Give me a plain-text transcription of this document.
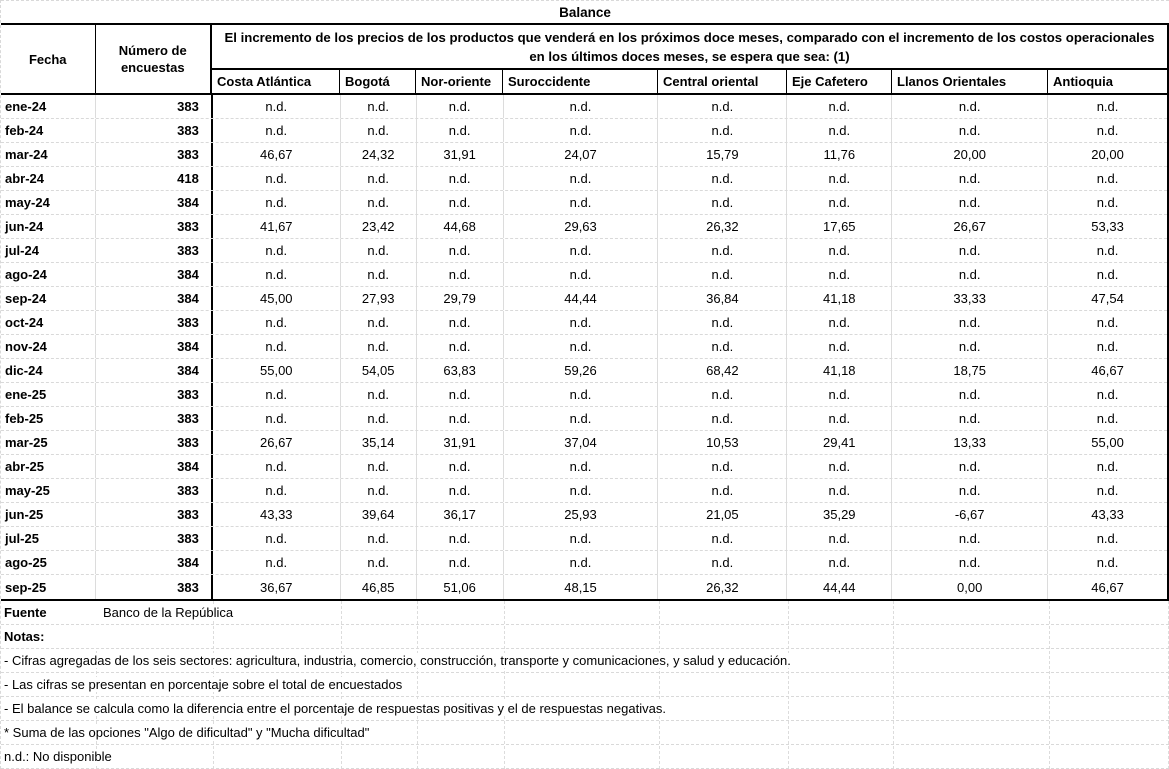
Balance
Fecha
Número de encuestas
El incremento de los precios de los productos que venderá en los próximos doce meses, comparado con el incremento de los costos operacionales en los últimos doces meses, se espera que sea: (1)
Costa Atlántica	Bogotá	Nor-oriente	Suroccidente	Central oriental	Eje Cafetero	Llanos Orientales	Antioquia
ene-24	383	n.d.	n.d.	n.d.	n.d.	n.d.	n.d.	n.d.	n.d.
feb-24	383	n.d.	n.d.	n.d.	n.d.	n.d.	n.d.	n.d.	n.d.
mar-24	383	46,67	24,32	31,91	24,07	15,79	11,76	20,00	20,00
abr-24	418	n.d.	n.d.	n.d.	n.d.	n.d.	n.d.	n.d.	n.d.
may-24	384	n.d.	n.d.	n.d.	n.d.	n.d.	n.d.	n.d.	n.d.
jun-24	383	41,67	23,42	44,68	29,63	26,32	17,65	26,67	53,33
jul-24	383	n.d.	n.d.	n.d.	n.d.	n.d.	n.d.	n.d.	n.d.
ago-24	384	n.d.	n.d.	n.d.	n.d.	n.d.	n.d.	n.d.	n.d.
sep-24	384	45,00	27,93	29,79	44,44	36,84	41,18	33,33	47,54
oct-24	383	n.d.	n.d.	n.d.	n.d.	n.d.	n.d.	n.d.	n.d.
nov-24	384	n.d.	n.d.	n.d.	n.d.	n.d.	n.d.	n.d.	n.d.
dic-24	384	55,00	54,05	63,83	59,26	68,42	41,18	18,75	46,67
ene-25	383	n.d.	n.d.	n.d.	n.d.	n.d.	n.d.	n.d.	n.d.
feb-25	383	n.d.	n.d.	n.d.	n.d.	n.d.	n.d.	n.d.	n.d.
mar-25	383	26,67	35,14	31,91	37,04	10,53	29,41	13,33	55,00
abr-25	384	n.d.	n.d.	n.d.	n.d.	n.d.	n.d.	n.d.	n.d.
may-25	383	n.d.	n.d.	n.d.	n.d.	n.d.	n.d.	n.d.	n.d.
jun-25	383	43,33	39,64	36,17	25,93	21,05	35,29	-6,67	43,33
jul-25	383	n.d.	n.d.	n.d.	n.d.	n.d.	n.d.	n.d.	n.d.
ago-25	384	n.d.	n.d.	n.d.	n.d.	n.d.	n.d.	n.d.	n.d.
sep-25	383	36,67	46,85	51,06	48,15	26,32	44,44	0,00	46,67
Fuente	Banco de la República
Notas:
- Cifras agregadas de los seis sectores: agricultura, industria, comercio, construcción, transporte y comunicaciones, y salud y educación.
- Las cifras se presentan en porcentaje sobre el total de encuestados
- El balance se calcula como la diferencia entre el porcentaje de respuestas positivas y el de respuestas negativas.
* Suma de las opciones "Algo de dificultad" y "Mucha dificultad"
n.d.: No disponible
